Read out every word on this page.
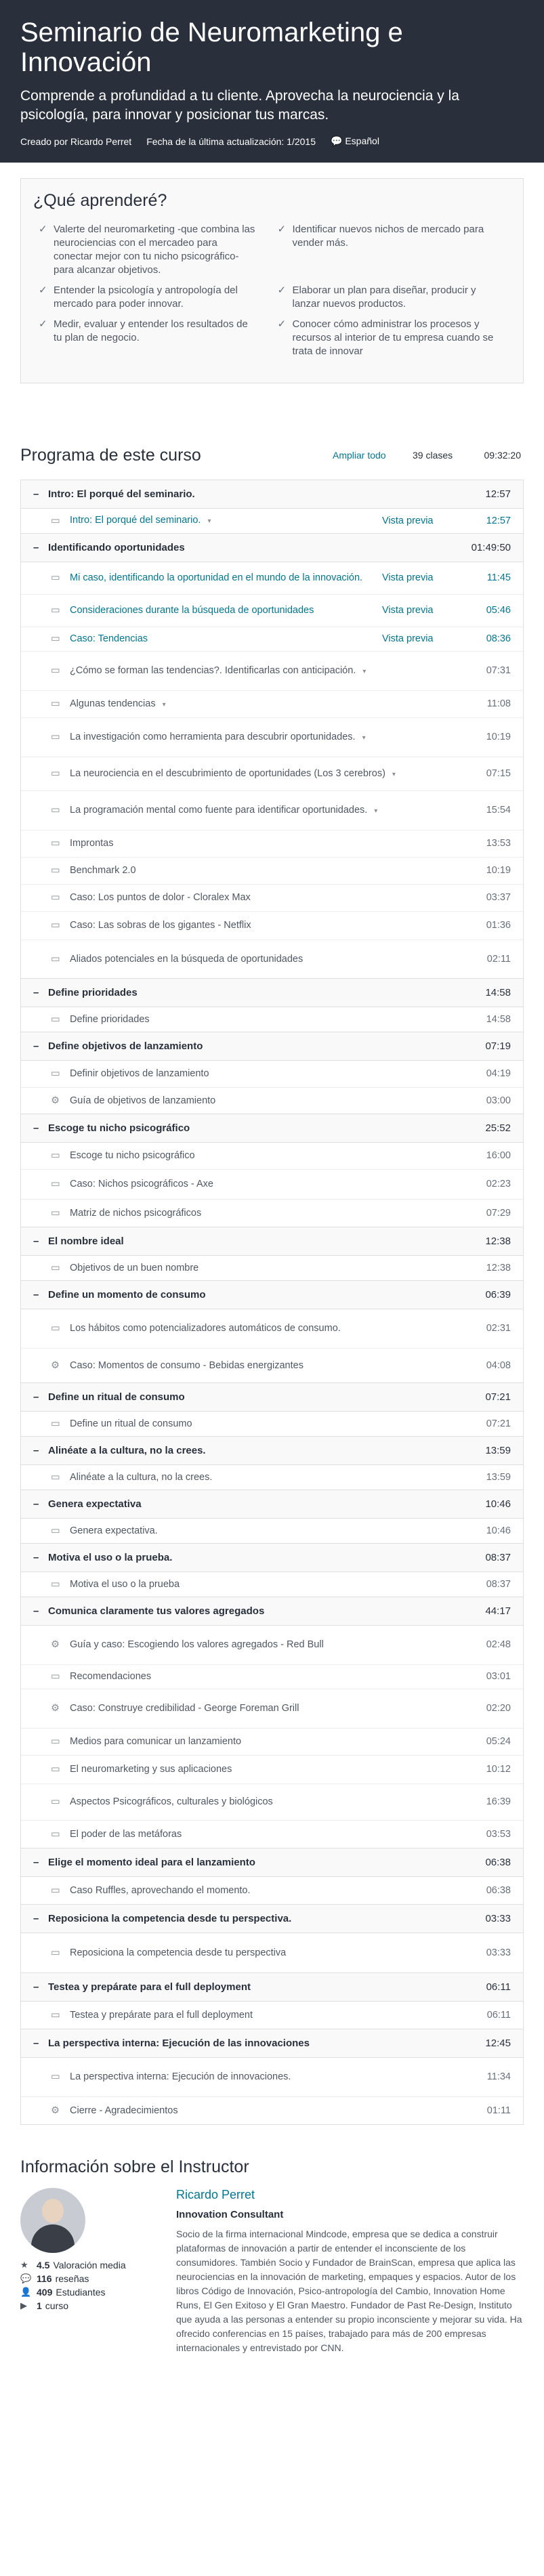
Seminario de Neuromarketing e Innovación
Comprende a profundidad a tu cliente. Aprovecha la neurociencia y la psicología, para innovar y posicionar tus marcas.
Creado por Ricardo Perret Fecha de la última actualización: 1/2015 💬 Español
¿Qué aprenderé?
✓ Valerte del neuromarketing -que combina las neurociencias con el mercadeo para conectar mejor con tu nicho psicográfico- para alcanzar objetivos.
✓ Identificar nuevos nichos de mercado para vender más.
✓ Entender la psicología y antropología del mercado para poder innovar.
✓ Elaborar un plan para diseñar, producir y lanzar nuevos productos.
✓ Medir, evaluar y entender los resultados de tu plan de negocio.
✓ Conocer cómo administrar los procesos y recursos al interior de tu empresa cuando se trata de innovar
Programa de este curso	Ampliar todo	39 clases	09:32:20
– Intro: El porqué del seminario.	12:57
▭ Intro: El porqué del seminario. ▾	Vista previa	12:57
– Identificando oportunidades	01:49:50
▭ Mi caso, identificando la oportunidad en el mundo de la innovación.	Vista previa	11:45
▭ Consideraciones durante la búsqueda de oportunidades	Vista previa	05:46
▭ Caso: Tendencias	Vista previa	08:36
▭ ¿Cómo se forman las tendencias?. Identificarlas con anticipación. ▾	07:31
▭ Algunas tendencias ▾	11:08
▭ La investigación como herramienta para descubrir oportunidades. ▾	10:19
▭ La neurociencia en el descubrimiento de oportunidades (Los 3 cerebros) ▾	07:15
▭ La programación mental como fuente para identificar oportunidades. ▾	15:54
▭ Improntas	13:53
▭ Benchmark 2.0	10:19
▭ Caso: Los puntos de dolor - Cloralex Max	03:37
▭ Caso: Las sobras de los gigantes - Netflix	01:36
▭ Aliados potenciales en la búsqueda de oportunidades	02:11
– Define prioridades	14:58
▭ Define prioridades	14:58
– Define objetivos de lanzamiento	07:19
▭ Definir objetivos de lanzamiento	04:19
⚙	Guía de objetivos de lanzamiento	03:00
– Escoge tu nicho psicográfico	25:52
▭ Escoge tu nicho psicográfico	16:00
▭ Caso: Nichos psicográficos - Axe	02:23
▭ Matriz de nichos psicográficos	07:29
– El nombre ideal	12:38
▭ Objetivos de un buen nombre	12:38
– Define un momento de consumo	06:39
▭ Los hábitos como potencializadores automáticos de consumo.	02:31
⚙	Caso: Momentos de consumo - Bebidas energizantes	04:08
– Define un ritual de consumo	07:21
▭ Define un ritual de consumo	07:21
– Alinéate a la cultura, no la crees.	13:59
▭ Alinéate a la cultura, no la crees.	13:59
– Genera expectativa	10:46
▭ Genera expectativa.	10:46
– Motiva el uso o la prueba.	08:37
▭ Motiva el uso o la prueba	08:37
– Comunica claramente tus valores agregados	44:17
⚙	Guía y caso: Escogiendo los valores agregados - Red Bull	02:48
▭ Recomendaciones	03:01
⚙	Caso: Construye credibilidad - George Foreman Grill	02:20
▭ Medios para comunicar un lanzamiento	05:24
▭ El neuromarketing y sus aplicaciones	10:12
▭ Aspectos Psicográficos, culturales y biológicos	16:39
▭ El poder de las metáforas	03:53
– Elige el momento ideal para el lanzamiento	06:38
▭ Caso Ruffles, aprovechando el momento.	06:38
– Reposiciona la competencia desde tu perspectiva.	03:33
▭ Reposiciona la competencia desde tu perspectiva	03:33
– Testea y prepárate para el full deployment	06:11
▭ Testea y prepárate para el full deployment	06:11
– La perspectiva interna: Ejecución de las innovaciones	12:45
▭ La perspectiva interna: Ejecución de innovaciones.	11:34
⚙	Cierre - Agradecimientos	01:11
Información sobre el Instructor
★ 4.5 Valoración media
💬 116 reseñas
👤 409 Estudiantes
▶	1 curso
Ricardo Perret
Innovation Consultant
Socio de la firma internacional Mindcode, empresa que se dedica a construir plataformas de innovación a partir de entender el inconsciente de los consumidores. También Socio y Fundador de BrainScan, empresa que aplica las neurociencias en la innovación de marketing, empaques y espacios. Autor de los libros Código de Innovación, Psico-antropología del Cambio, Innovation Home Runs, El Gen Exitoso y El Gran Maestro. Fundador de Past Re-Design, Instituto que ayuda a las personas a entender su propio inconsciente y mejorar su vida. Ha ofrecido conferencias en 15 países, trabajado para más de 200 empresas internacionales y entrevistado por CNN.
